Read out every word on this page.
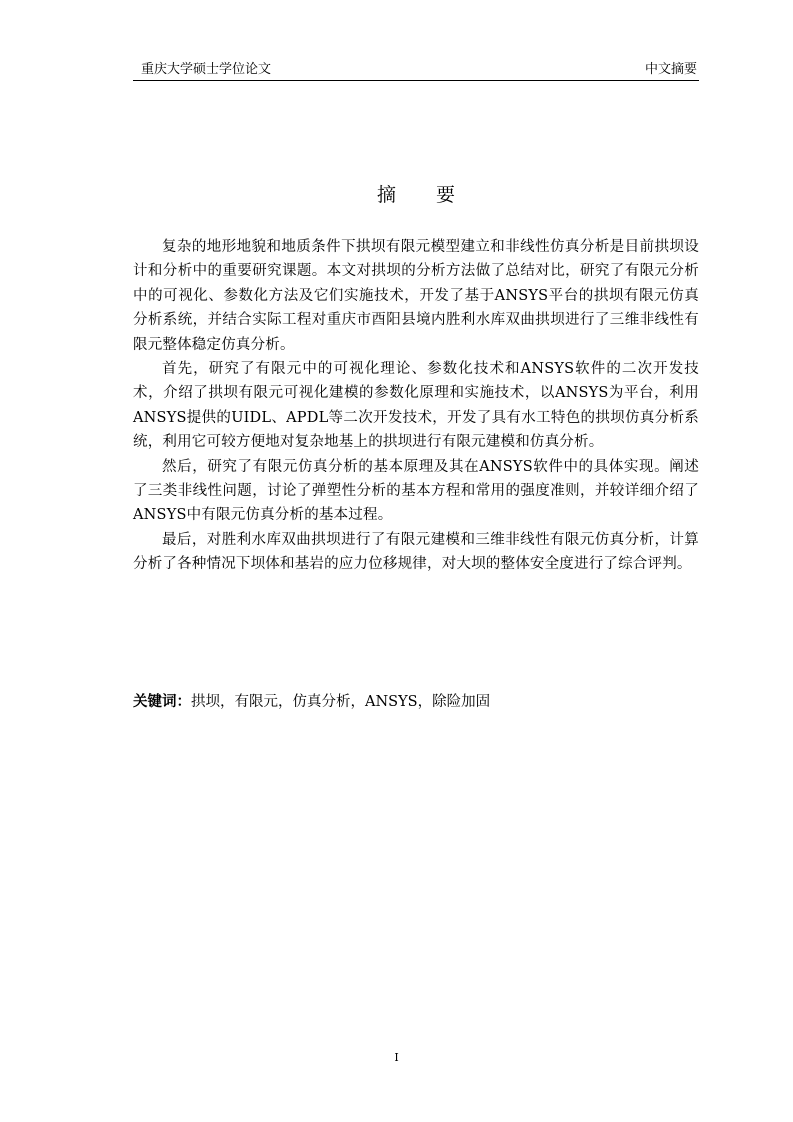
重庆大学硕士学位论文	中文摘要
摘 要

复杂的地形地貌和地质条件下拱坝有限元模型建立和非线性仿真分析是目前拱坝设计和分析中的重要研究课题。本文对拱坝的分析方法做了总结对比，研究了有限元分析中的可视化、参数化方法及它们实施技术，开发了基于ANSYS平台的拱坝有限元仿真分析系统，并结合实际工程对重庆市酉阳县境内胜利水库双曲拱坝进行了三维非线性有限元整体稳定仿真分析。

首先，研究了有限元中的可视化理论、参数化技术和ANSYS软件的二次开发技术，介绍了拱坝有限元可视化建模的参数化原理和实施技术，以ANSYS为平台，利用ANSYS提供的UIDL、APDL等二次开发技术，开发了具有水工特色的拱坝仿真分析系统，利用它可较方便地对复杂地基上的拱坝进行有限元建模和仿真分析。

然后，研究了有限元仿真分析的基本原理及其在ANSYS软件中的具体实现。阐述了三类非线性问题，讨论了弹塑性分析的基本方程和常用的强度准则，并较详细介绍了ANSYS中有限元仿真分析的基本过程。

最后，对胜利水库双曲拱坝进行了有限元建模和三维非线性有限元仿真分析，计算分析了各种情况下坝体和基岩的应力位移规律，对大坝的整体安全度进行了综合评判。

关键词：拱坝，有限元，仿真分析，ANSYS，除险加固
I
